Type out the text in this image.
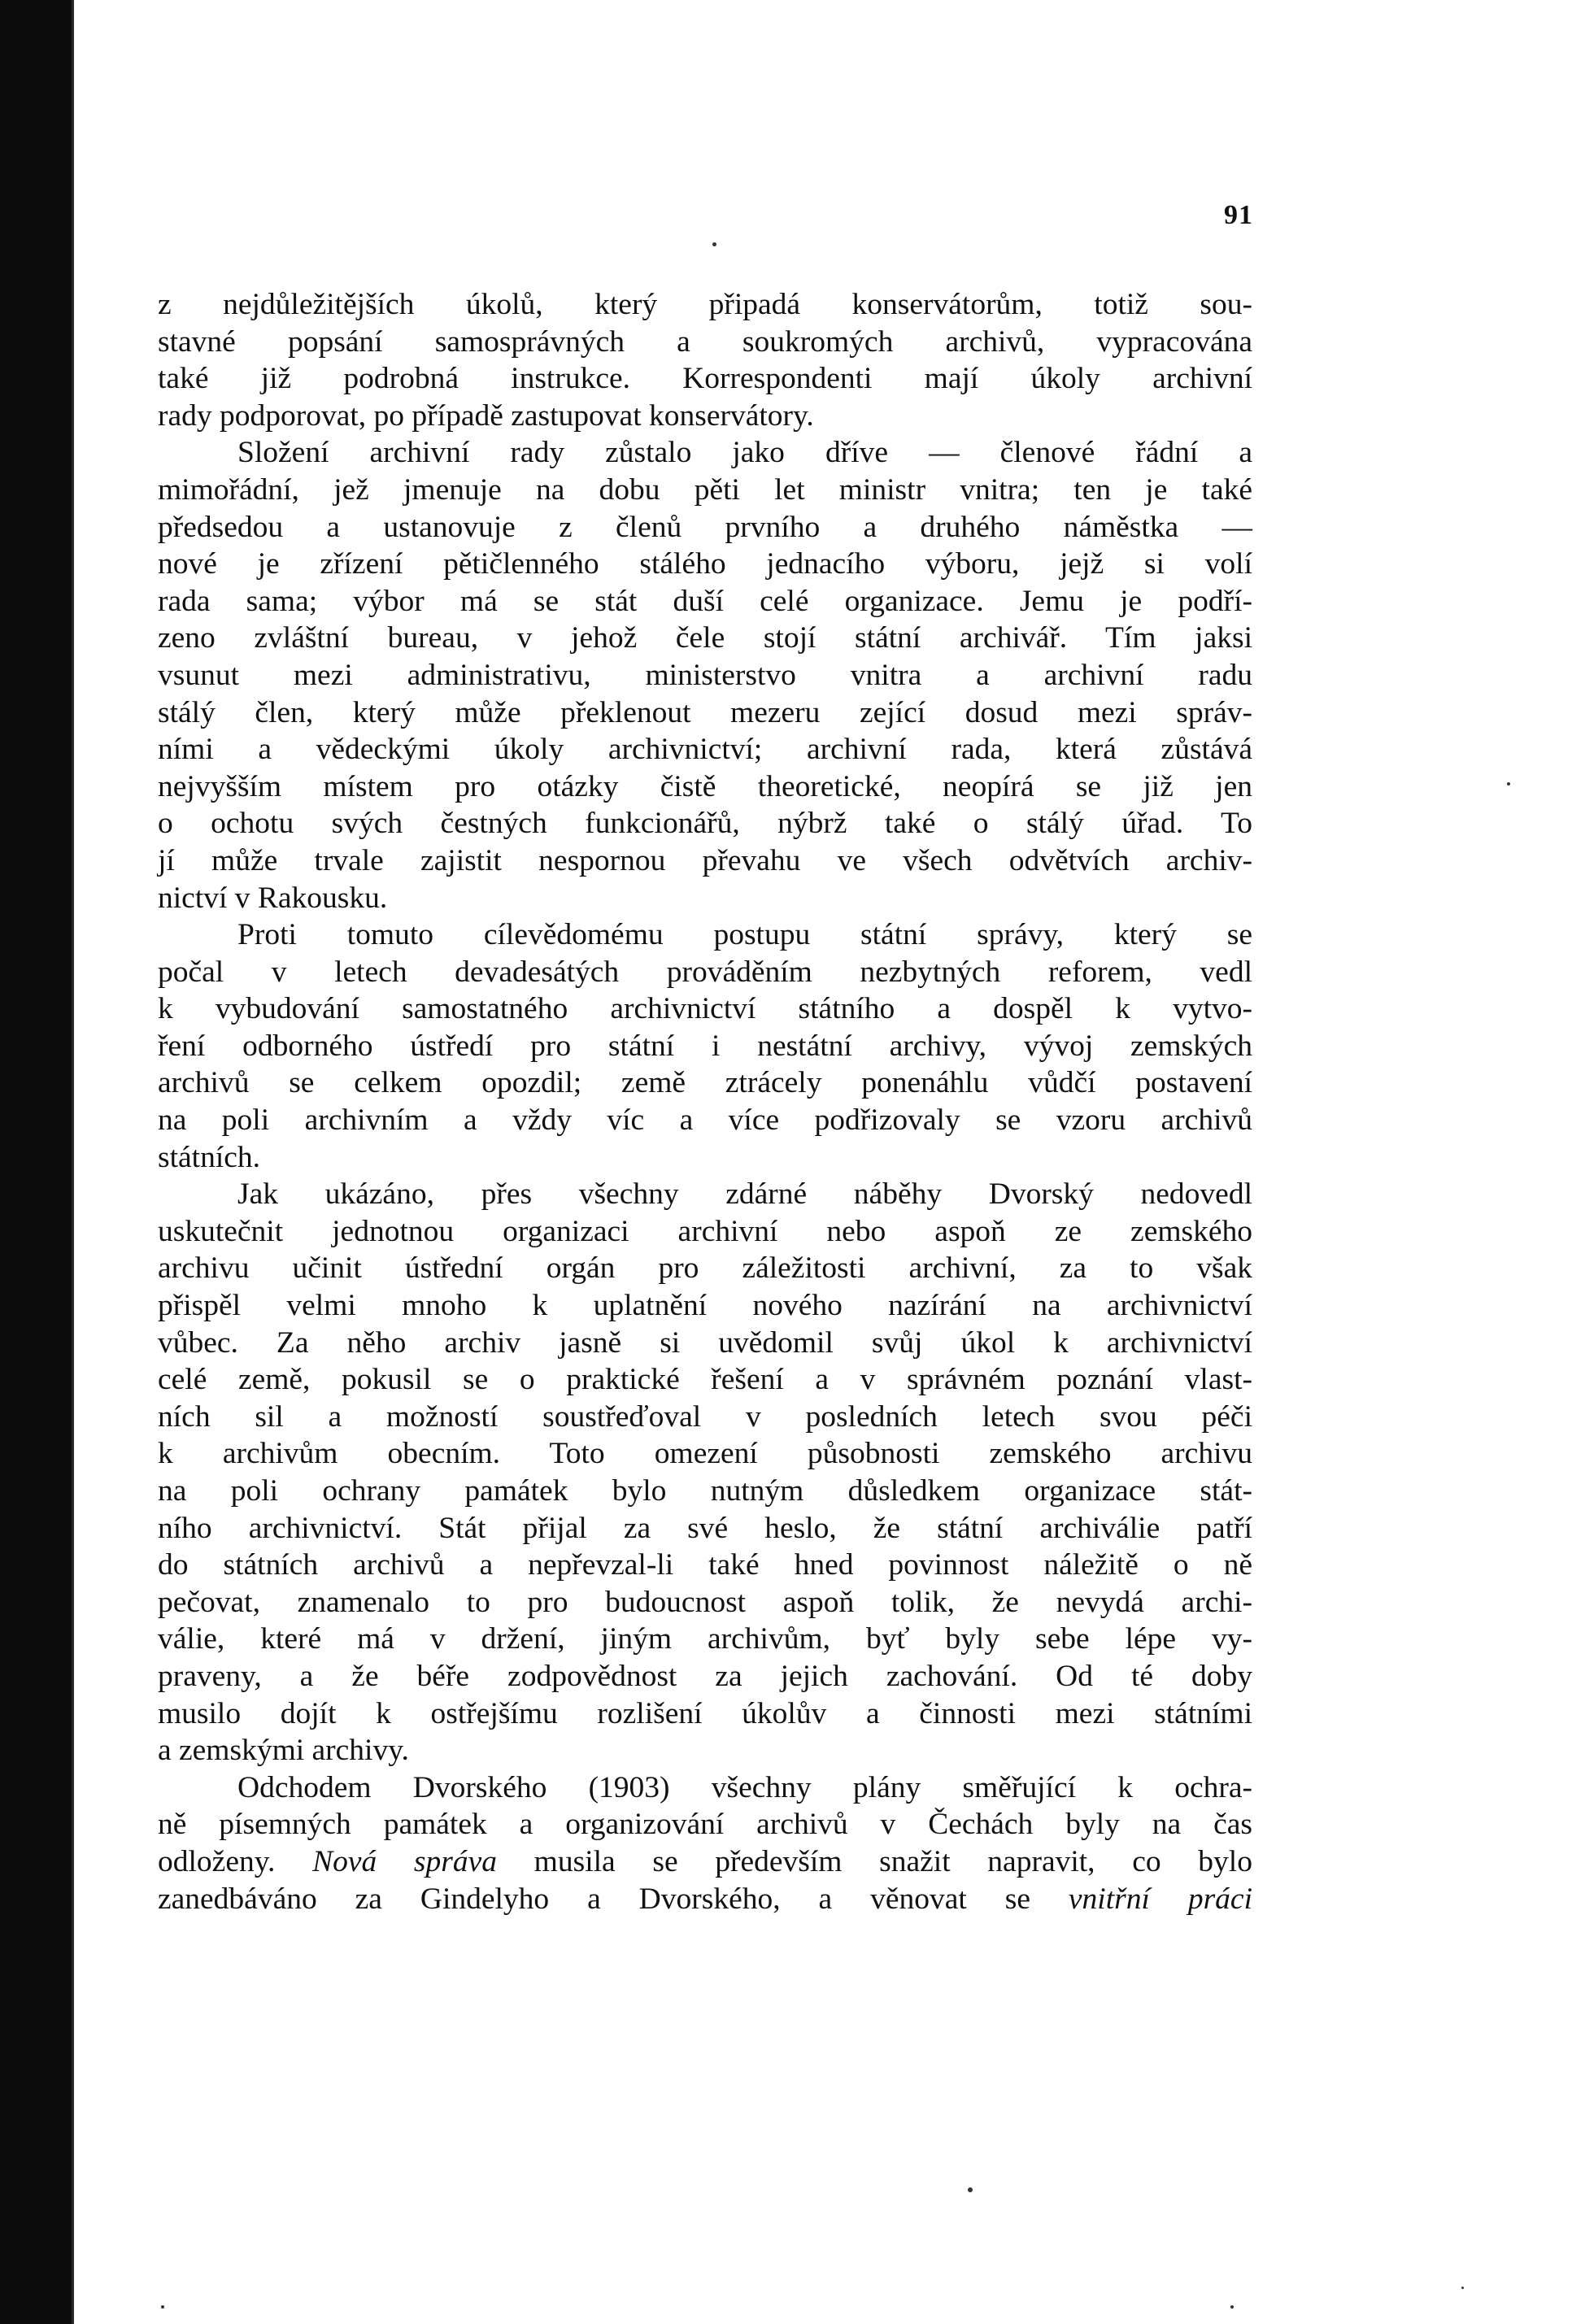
91
z nejdůležitějších úkolů, který připadá konservátorům, totiž sou-
stavné popsání samosprávných a soukromých archivů, vypracována
také již podrobná instrukce. Korrespondenti mají úkoly archivní
rady podporovat, po případě zastupovat konservátory.
Složení archivní rady zůstalo jako dříve — členové řádní a
mimořádní, jež jmenuje na dobu pěti let ministr vnitra; ten je také
předsedou a ustanovuje z členů prvního a druhého náměstka —
nové je zřízení pětičlenného stálého jednacího výboru, jejž si volí
rada sama; výbor má se stát duší celé organizace. Jemu je podří-
zeno zvláštní bureau, v jehož čele stojí státní archivář. Tím jaksi
vsunut mezi administrativu, ministerstvo vnitra a archivní radu
stálý člen, který může překlenout mezeru zející dosud mezi správ-
ními a vědeckými úkoly archivnictví; archivní rada, která zůstává
nejvyšším místem pro otázky čistě theoretické, neopírá se již jen
o ochotu svých čestných funkcionářů, nýbrž také o stálý úřad. To
jí může trvale zajistit nespornou převahu ve všech odvětvích archiv-
nictví v Rakousku.
Proti tomuto cílevědomému postupu státní správy, který se
počal v letech devadesátých prováděním nezbytných reforem, vedl
k vybudování samostatného archivnictví státního a dospěl k vytvo-
ření odborného ústředí pro státní i nestátní archivy, vývoj zemských
archivů se celkem opozdil; země ztrácely ponenáhlu vůdčí postavení
na poli archivním a vždy víc a více podřizovaly se vzoru archivů
státních.
Jak ukázáno, přes všechny zdárné náběhy Dvorský nedovedl
uskutečnit jednotnou organizaci archivní nebo aspoň ze zemského
archivu učinit ústřední orgán pro záležitosti archivní, za to však
přispěl velmi mnoho k uplatnění nového nazírání na archivnictví
vůbec. Za něho archiv jasně si uvědomil svůj úkol k archivnictví
celé země, pokusil se o praktické řešení a v správném poznání vlast-
ních sil a možností soustřeďoval v posledních letech svou péči
k archivům obecním. Toto omezení působnosti zemského archivu
na poli ochrany památek bylo nutným důsledkem organizace stát-
ního archivnictví. Stát přijal za své heslo, že státní archiválie patří
do státních archivů a nepřevzal-li také hned povinnost náležitě o ně
pečovat, znamenalo to pro budoucnost aspoň tolik, že nevydá archi-
válie, které má v držení, jiným archivům, byť byly sebe lépe vy-
praveny, a že béře zodpovědnost za jejich zachování. Od té doby
musilo dojít k ostřejšímu rozlišení úkolův a činnosti mezi státními
a zemskými archivy.
Odchodem Dvorského (1903) všechny plány směřující k ochra-
ně písemných památek a organizování archivů v Čechách byly na čas
odloženy. Nová správa musila se především snažit napravit, co bylo
zanedbáváno za Gindelyho a Dvorského, a věnovat se vnitřní práci
